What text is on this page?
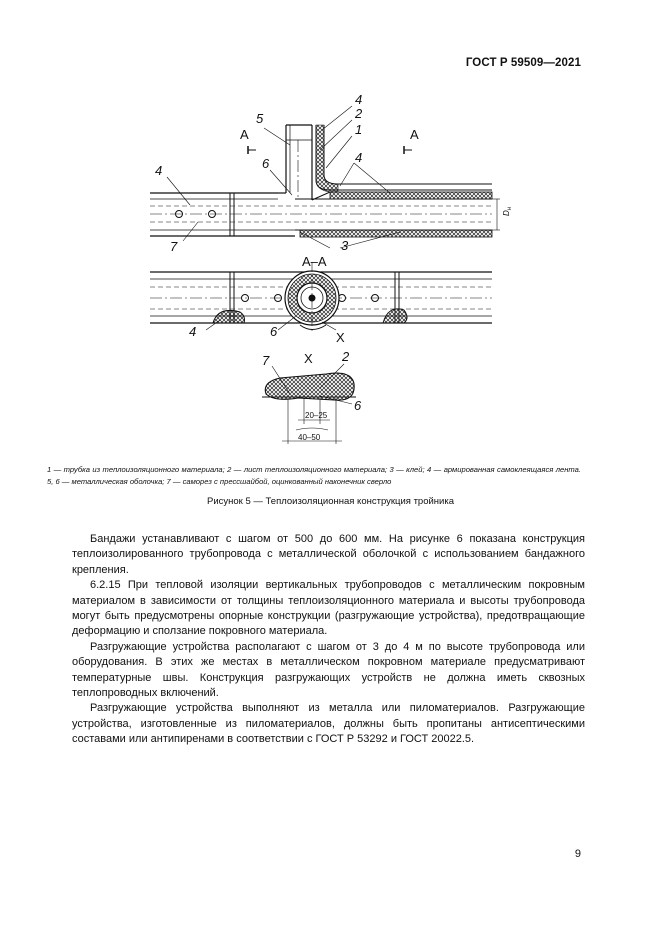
ГОСТ Р 59509—2021
А	А
5
4
2
1
4
6
4
7	3
А–А
4	6	Х
Х
7	2
6
20–25
40–50
$D_н$
1 — трубка из теплоизоляционного материала; 2 — лист теплоизоляционного материала; 3 — клей; 4 — армированная самоклеящаяся лента. 5, 6 — металлическая оболочка; 7 — саморез с прессшайбой, оцинкованный наконечник сверло
Рисунок 5 — Теплоизоляционная конструкция тройника

Бандажи устанавливают с шагом от 500 до 600 мм. На рисунке 6 показана конструкция теплоизолированного трубопровода с металлической оболочкой с использованием бандажного крепления.

6.2.15 При тепловой изоляции вертикальных трубопроводов с металлическим покровным материалом в зависимости от толщины теплоизоляционного материала и высоты трубопровода могут быть предусмотрены опорные конструкции (разгружающие устройства), предотвращающие деформацию и сползание покровного материала.

Разгружающие устройства располагают с шагом от 3 до 4 м по высоте трубопровода или оборудования. В этих же местах в металлическом покровном материале предусматривают температурные швы. Конструкция разгружающих устройств не должна иметь сквозных теплопроводных включений.

Разгружающие устройства выполняют из металла или пиломатериалов. Разгружающие устройства, изготовленные из пиломатериалов, должны быть пропитаны антисептическими составами или антипиренами в соответствии с ГОСТ Р 53292 и ГОСТ 20022.5.

9
